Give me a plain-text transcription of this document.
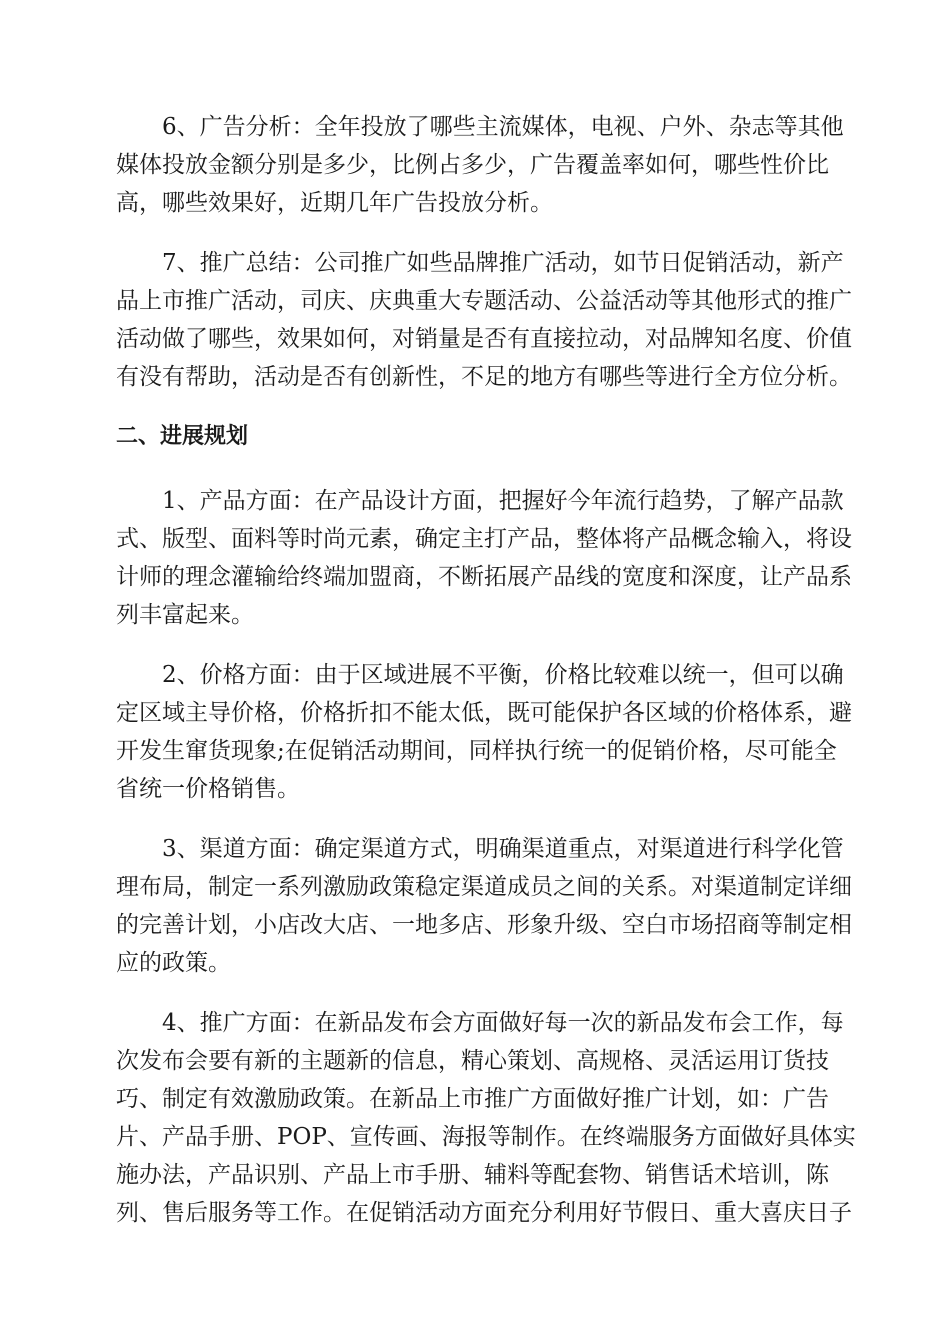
6、广告分析：全年投放了哪些主流媒体，电视、户外、杂志等其他
媒体投放金额分别是多少，比例占多少，广告覆盖率如何，哪些性价比
高，哪些效果好，近期几年广告投放分析。

7、推广总结：公司推广如些品牌推广活动，如节日促销活动，新产
品上市推广活动，司庆、庆典重大专题活动、公益活动等其他形式的推广
活动做了哪些，效果如何，对销量是否有直接拉动，对品牌知名度、价值
有没有帮助，活动是否有创新性，不足的地方有哪些等进行全方位分析。

二、进展规划

1、产品方面：在产品设计方面，把握好今年流行趋势，了解产品款
式、版型、面料等时尚元素，确定主打产品，整体将产品概念输入，将设
计师的理念灌输给终端加盟商，不断拓展产品线的宽度和深度，让产品系
列丰富起来。

2、价格方面：由于区域进展不平衡，价格比较难以统一，但可以确
定区域主导价格，价格折扣不能太低，既可能保护各区域的价格体系，避
开发生窜货现象;在促销活动期间，同样执行统一的促销价格，尽可能全
省统一价格销售。

3、渠道方面：确定渠道方式，明确渠道重点，对渠道进行科学化管
理布局，制定一系列激励政策稳定渠道成员之间的关系。对渠道制定详细
的完善计划，小店改大店、一地多店、形象升级、空白市场招商等制定相
应的政策。

4、推广方面：在新品发布会方面做好每一次的新品发布会工作，每
次发布会要有新的主题新的信息，精心策划、高规格、灵活运用订货技
巧、制定有效激励政策。在新品上市推广方面做好推广计划，如：广告
片、产品手册、POP、宣传画、海报等制作。在终端服务方面做好具体实
施办法，产品识别、产品上市手册、辅料等配套物、销售话术培训，陈
列、售后服务等工作。在促销活动方面充分利用好节假日、重大喜庆日子
